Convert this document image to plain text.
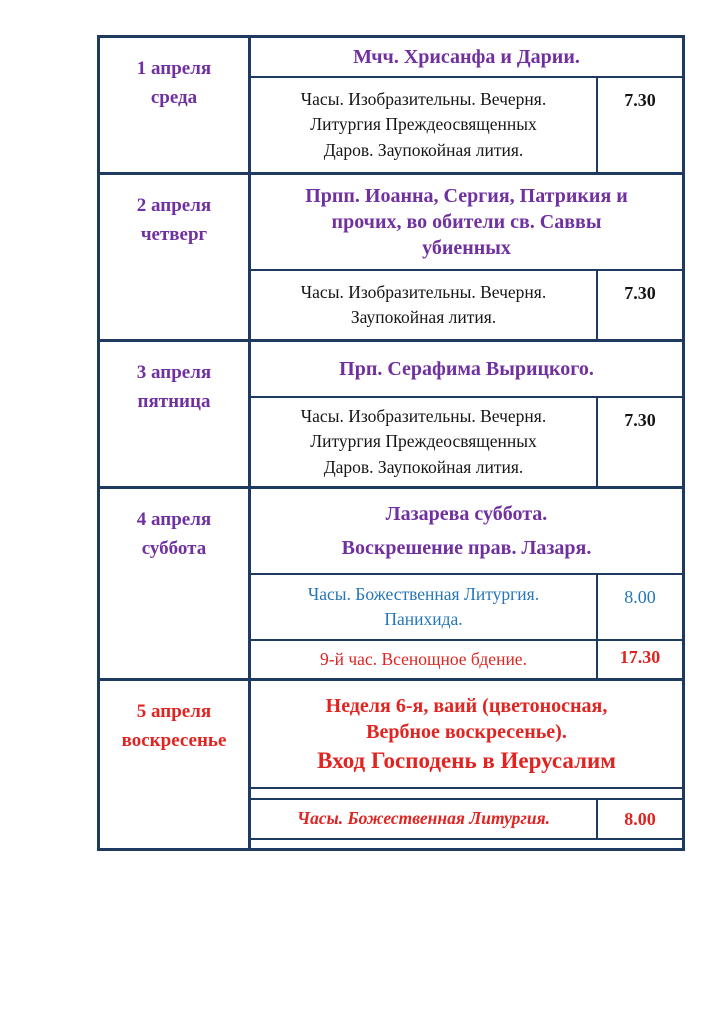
1 апреля
среда
Мчч. Хрисанфа и Дарии.
Часы. Изобразительны. Вечерня.
Литургия Преждеосвященных
Даров. Заупокойная лития.
7.30
2 апреля
четверг
Прпп. Иоанна, Сергия, Патрикия и
прочих, во обители св. Саввы
убиенных
Часы. Изобразительны. Вечерня.
Заупокойная лития.
7.30
3 апреля
пятница
Прп. Серафима Вырицкого.
Часы. Изобразительны. Вечерня.
Литургия Преждеосвященных
Даров. Заупокойная лития.
7.30
4 апреля
суббота
Лазарева суббота.
Воскрешение прав. Лазаря.
Часы. Божественная Литургия.
Панихида.
8.00
9-й час. Всенощное бдение.	17.30
5 апреля
воскресенье
Неделя 6-я, ваий (цветоносная,
Вербное воскресенье).
Вход Господень в Иерусалим
Часы. Божественная Литургия.	8.00
